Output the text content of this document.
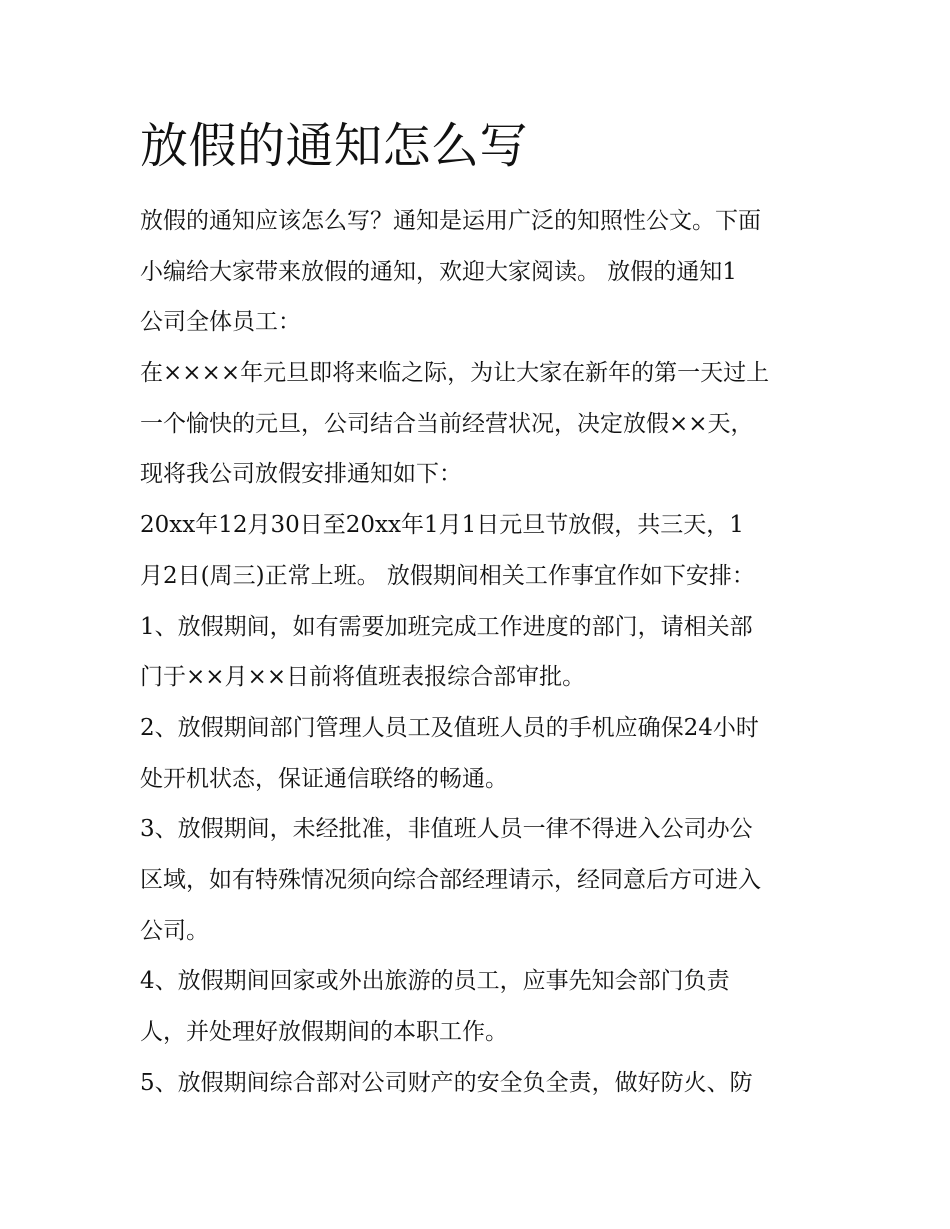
放假的通知怎么写
放假的通知应该怎么写？通知是运用广泛的知照性公文。下面
小编给大家带来放假的通知，欢迎大家阅读。 放假的通知1
公司全体员工：
在××××年元旦即将来临之际，为让大家在新年的第一天过上
一个愉快的元旦，公司结合当前经营状况，决定放假××天，
现将我公司放假安排通知如下：
20xx年12月30日至20xx年1月1日元旦节放假，共三天，1
月2日(周三)正常上班。 放假期间相关工作事宜作如下安排：
1、放假期间，如有需要加班完成工作进度的部门，请相关部
门于××月××日前将值班表报综合部审批。
2、放假期间部门管理人员工及值班人员的手机应确保24小时
处开机状态，保证通信联络的畅通。
3、放假期间，未经批准，非值班人员一律不得进入公司办公
区域，如有特殊情况须向综合部经理请示，经同意后方可进入
公司。
4、放假期间回家或外出旅游的员工，应事先知会部门负责
人，并处理好放假期间的本职工作。
5、放假期间综合部对公司财产的安全负全责，做好防火、防
